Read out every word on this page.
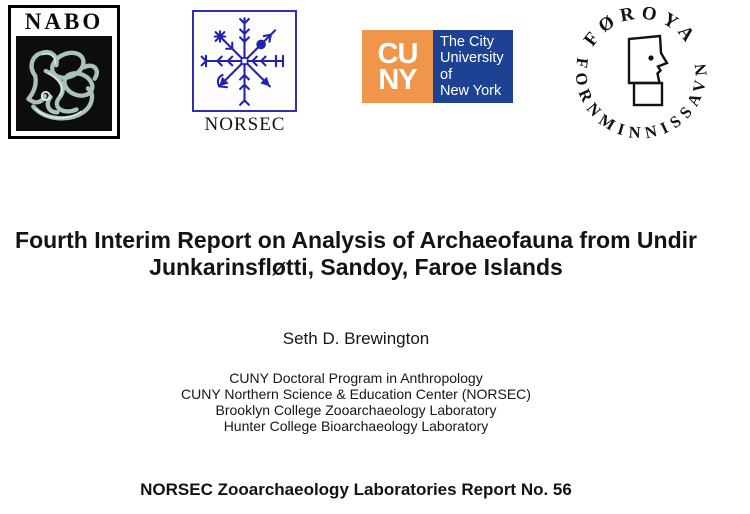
NABO
NORSEC
CU
NY
The City
University
of
New York
FØROYA
FORNMINNISSAVN
Fourth Interim Report on Analysis of Archaeofauna from Undir
Junkarinsfløtti, Sandoy, Faroe Islands
Seth D. Brewington
CUNY Doctoral Program in Anthropology
CUNY Northern Science & Education Center (NORSEC)
Brooklyn College Zooarchaeology Laboratory
Hunter College Bioarchaeology Laboratory
NORSEC Zooarchaeology Laboratories Report No. 56
